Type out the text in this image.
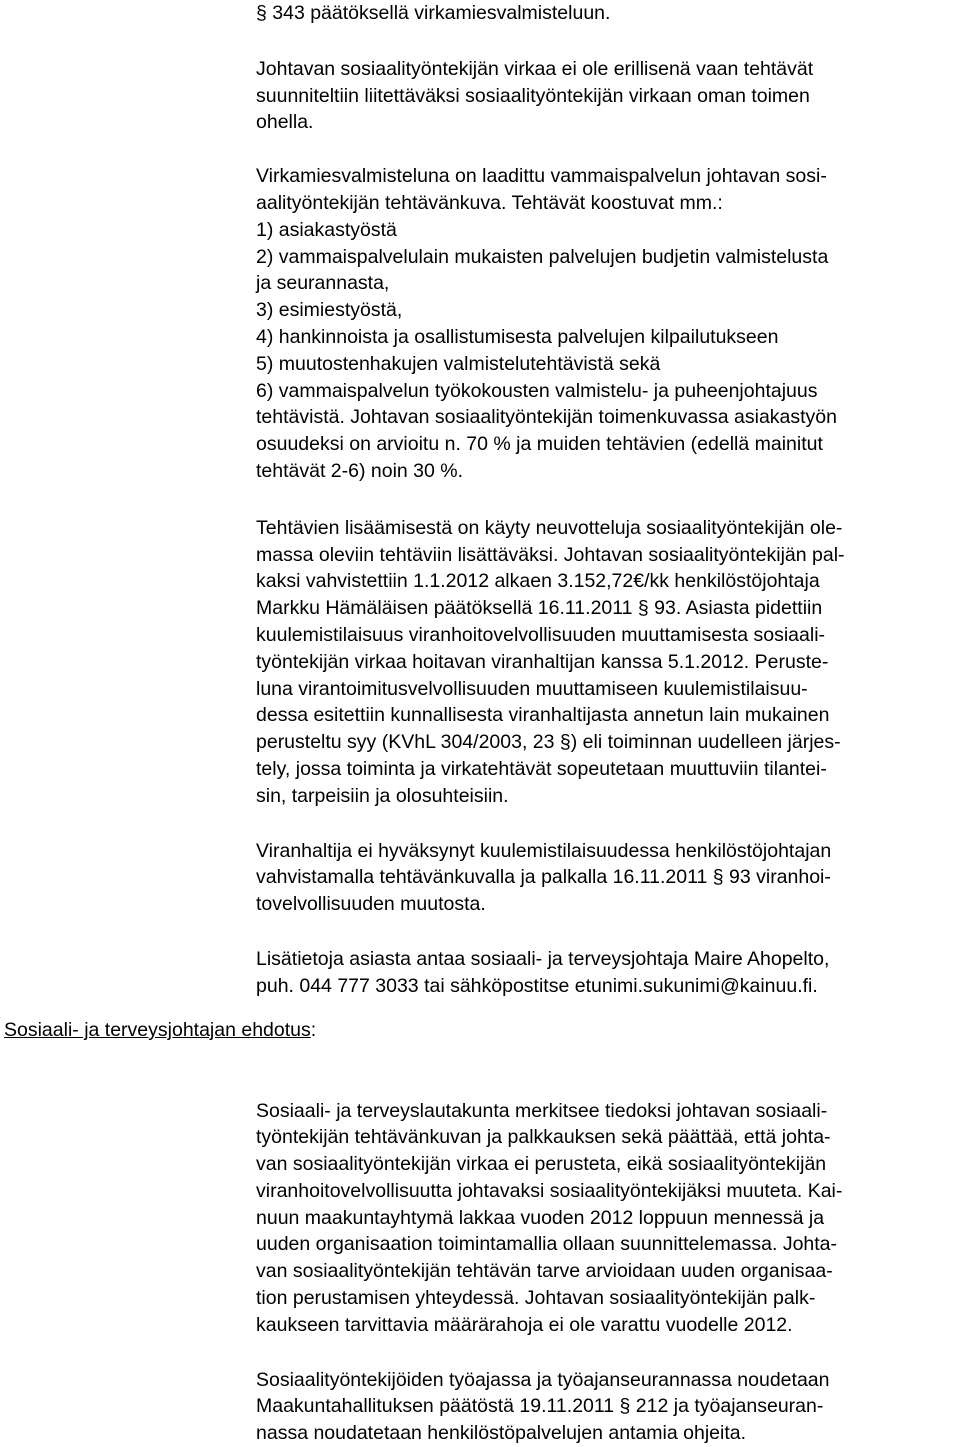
§ 343 päätöksellä virkamiesvalmisteluun.

Johtavan sosiaalityöntekijän virkaa ei ole erillisenä vaan tehtävät
suunniteltiin liitettäväksi sosiaalityöntekijän virkaan oman toimen
ohella.

Virkamiesvalmisteluna on laadittu vammaispalvelun johtavan sosi-
aalityöntekijän tehtävänkuva. Tehtävät koostuvat mm.:
1) asiakastyöstä
2) vammaispalvelulain mukaisten palvelujen budjetin valmistelusta
ja seurannasta,
3) esimiestyöstä,
4) hankinnoista ja osallistumisesta palvelujen kilpailutukseen
5) muutostenhakujen valmistelutehtävistä sekä
6) vammaispalvelun työkokousten valmistelu- ja puheenjohtajuus
tehtävistä. Johtavan sosiaalityöntekijän toimenkuvassa asiakastyön
osuudeksi on arvioitu n. 70 % ja muiden tehtävien (edellä mainitut
tehtävät 2-6) noin 30 %.

Tehtävien lisäämisestä on käyty neuvotteluja sosiaalityöntekijän ole-
massa oleviin tehtäviin lisättäväksi. Johtavan sosiaalityöntekijän pal-
kaksi vahvistettiin 1.1.2012 alkaen 3.152,72€/kk henkilöstöjohtaja
Markku Hämäläisen päätöksellä 16.11.2011 § 93. Asiasta pidettiin
kuulemistilaisuus viranhoitovelvollisuuden muuttamisesta sosiaali-
työntekijän virkaa hoitavan viranhaltijan kanssa 5.1.2012. Peruste-
luna virantoimitusvelvollisuuden muuttamiseen kuulemistilaisuu-
dessa esitettiin kunnallisesta viranhaltijasta annetun lain mukainen
perusteltu syy (KVhL 304/2003, 23 §) eli toiminnan uudelleen järjes-
tely, jossa toiminta ja virkatehtävät sopeutetaan muuttuviin tilantei-
sin, tarpeisiin ja olosuhteisiin.

Viranhaltija ei hyväksynyt kuulemistilaisuudessa henkilöstöjohtajan
vahvistamalla tehtävänkuvalla ja palkalla 16.11.2011 § 93 viranhoi-
tovelvollisuuden muutosta.

Lisätietoja asiasta antaa sosiaali- ja terveysjohtaja Maire Ahopelto,
puh. 044 777 3033 tai sähköpostitse etunimi.sukunimi@kainuu.fi.

Sosiaali- ja terveyslautakunta merkitsee tiedoksi johtavan sosiaali-
työntekijän tehtävänkuvan ja palkkauksen sekä päättää, että johta-
van sosiaalityöntekijän virkaa ei perusteta, eikä sosiaalityöntekijän
viranhoitovelvollisuutta johtavaksi sosiaalityöntekijäksi muuteta. Kai-
nuun maakuntayhtymä lakkaa vuoden 2012 loppuun mennessä ja
uuden organisaation toimintamallia ollaan suunnittelemassa. Johta-
van sosiaalityöntekijän tehtävän tarve arvioidaan uuden organisaa-
tion perustamisen yhteydessä. Johtavan sosiaalityöntekijän palk-
kaukseen tarvittavia määrärahoja ei ole varattu vuodelle 2012.

Sosiaalityöntekijöiden työajassa ja työajanseurannassa noudetaan
Maakuntahallituksen päätöstä 19.11.2011 § 212 ja työajanseuran-
nassa noudatetaan henkilöstöpalvelujen antamia ohjeita.

Sosiaali- ja terveysjohtajan ehdotus:
